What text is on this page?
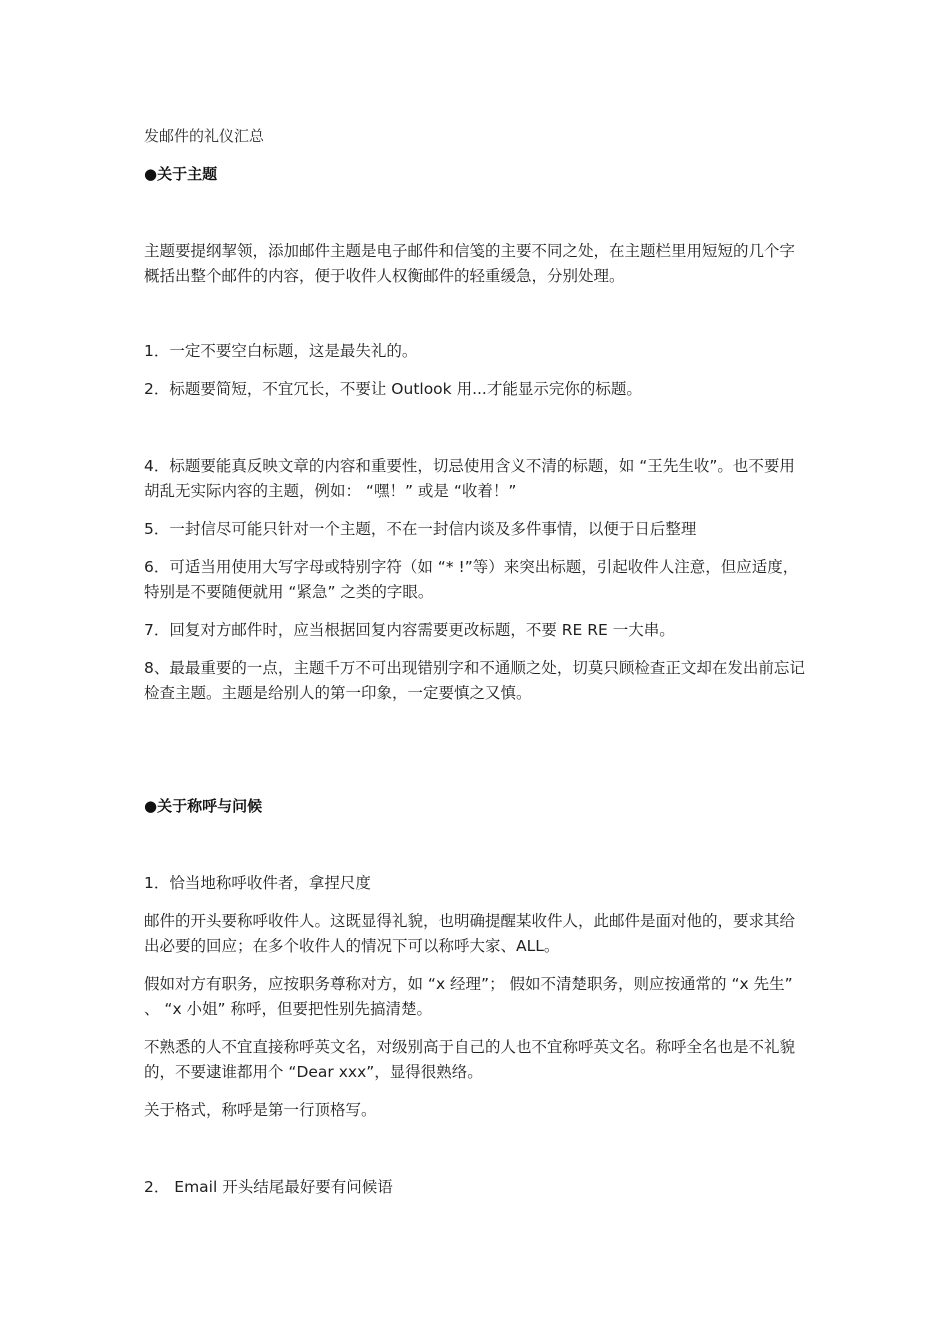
发邮件的礼仪汇总

●关于主题

主题要提纲挈领，添加邮件主题是电子邮件和信笺的主要不同之处，在主题栏里用短短的几个字概括出整个邮件的内容，便于收件人权衡邮件的轻重缓急，分别处理。

1．一定不要空白标题，这是最失礼的。

2．标题要简短，不宜冗长，不要让 Outlook 用...才能显示完你的标题。

4．标题要能真反映文章的内容和重要性，切忌使用含义不清的标题，如 “王先生收”。也不要用胡乱无实际内容的主题，例如： “嘿！” 或是 “收着！”

5．一封信尽可能只针对一个主题，不在一封信内谈及多件事情，以便于日后整理

6．可适当用使用大写字母或特别字符（如 “* !”等）来突出标题，引起收件人注意，但应适度，特别是不要随便就用 “紧急” 之类的字眼。

7．回复对方邮件时，应当根据回复内容需要更改标题，不要 RE RE 一大串。

8、最最重要的一点，主题千万不可出现错别字和不通顺之处，切莫只顾检查正文却在发出前忘记检查主题。主题是给别人的第一印象，一定要慎之又慎。

●关于称呼与问候

1．恰当地称呼收件者，拿捏尺度

邮件的开头要称呼收件人。这既显得礼貌，也明确提醒某收件人，此邮件是面对他的，要求其给出必要的回应；在多个收件人的情况下可以称呼大家、ALL。

假如对方有职务，应按职务尊称对方，如 “x 经理”； 假如不清楚职务，则应按通常的 “x 先生” 、 “x 小姐” 称呼，但要把性别先搞清楚。

不熟悉的人不宜直接称呼英文名，对级别高于自己的人也不宜称呼英文名。称呼全名也是不礼貌的，不要逮谁都用个 “Dear xxx”，显得很熟络。

关于格式，称呼是第一行顶格写。

2． Email 开头结尾最好要有问候语
